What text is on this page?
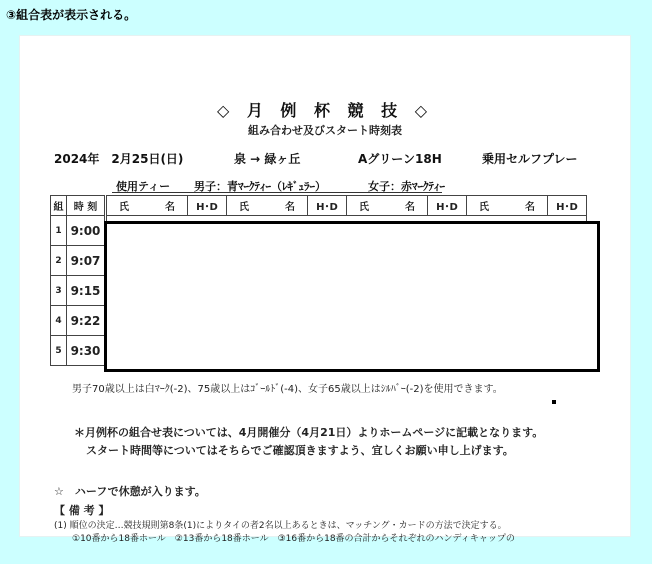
③組合表が表示される。
◇ 月 例 杯 競 技 ◇
組み合わせ及びスタート時刻表
2024年　2月25日(日)	泉 → 緑ヶ丘	Aグリーン18H	乗用セルフプレー
使用ティー 男子：青ﾏｰｸﾃｨｰ（ﾚｷﾞｭﾗｰ）	女子：赤ﾏｰｸﾃｨｰ
組	時 刻	氏 名	H･D	氏 名	H･D	氏 名	H･D	氏 名	H･D
1	9:00								
2	9:07								
3	9:15								
4	9:22								
5	9:30								
男子70歳以上は白ﾏｰｸ(-2)、75歳以上はｺﾞｰﾙﾄﾞ(-4)、女子65歳以上はｼﾙﾊﾞｰ(-2)を使用できます。
＊月例杯の組合せ表については、4月開催分（4月21日）よりホームページに記載となります。
スタート時間等についてはそちらでご確認頂きますよう、宜しくお願い申し上げます。
☆　ハーフで休憩が入ります。
【 備 考 】
(1) 順位の決定…競技規則第8条(1)によりタイの者2名以上あるときは、マッチング・カードの方法で決定する。
①10番から18番ホール　②13番から18番ホール　③16番から18番の合計からそれぞれのハンディキャップの
